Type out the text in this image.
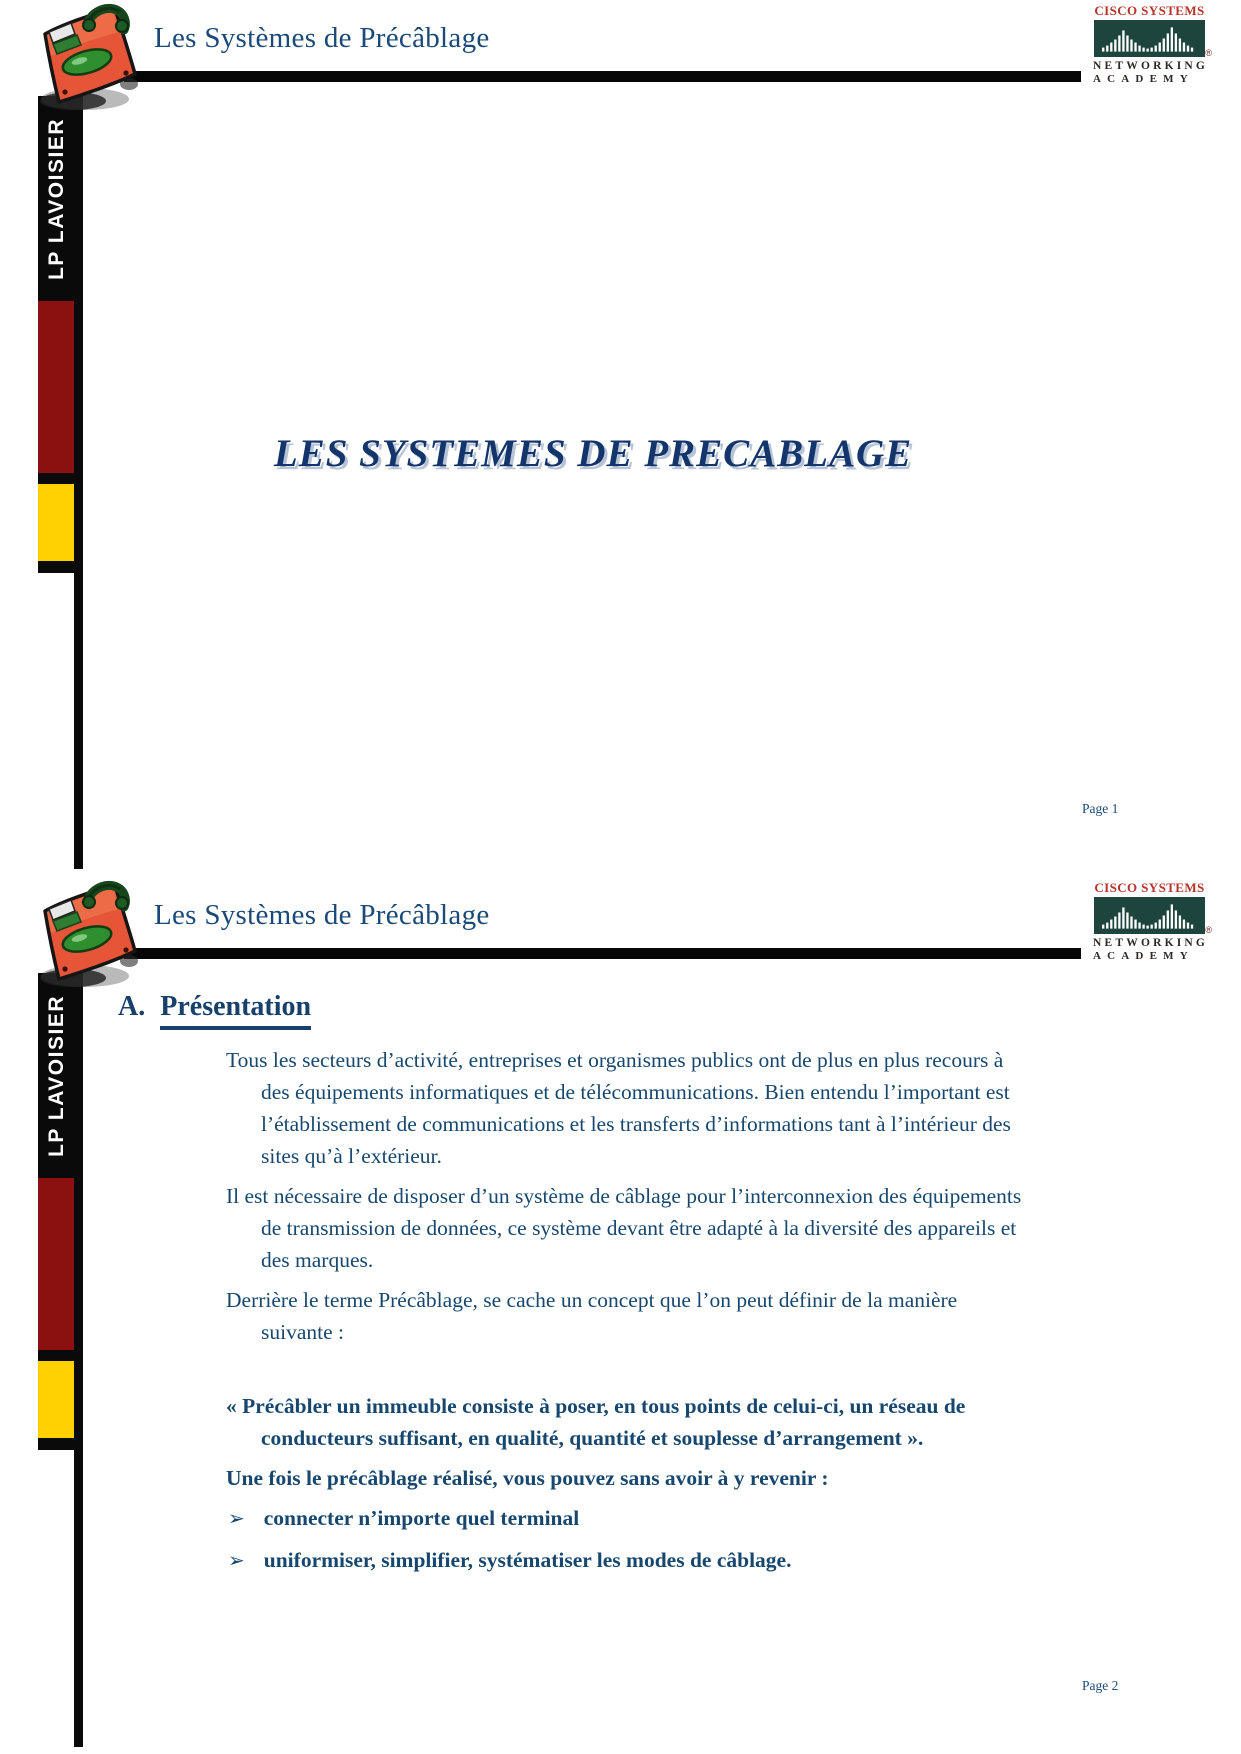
Les Systèmes de Précâblage
CISCO SYSTEMS
®
NETWORKING
ACADEMY
LP LAVOISIER
LES SYSTEMES DE PRECABLAGE
Page 1
Les Systèmes de Précâblage
CISCO SYSTEMS
®
NETWORKING
ACADEMY
LP LAVOISIER A. Présentation

Tous les secteurs d’activité, entreprises et organismes publics ont de plus en plus recours à des équipements informatiques et de télécommunications. Bien entendu l’important est l’établissement de communications et les transferts d’informations tant à l’intérieur des sites qu’à l’extérieur.

Il est nécessaire de disposer d’un système de câblage pour l’interconnexion des équipements de transmission de données, ce système devant être adapté à la diversité des appareils et des marques.

Derrière le terme Précâblage, se cache un concept que l’on peut définir de la manière suivante :

« Précâbler un immeuble consiste à poser, en tous points de celui-ci, un réseau de conducteurs suffisant, en qualité, quantité et souplesse d’arrangement ».

Une fois le précâblage réalisé, vous pouvez sans avoir à y revenir :

➢ connecter n’importe quel terminal
➢ uniformiser, simplifier, systématiser les modes de câblage.
Page 2
